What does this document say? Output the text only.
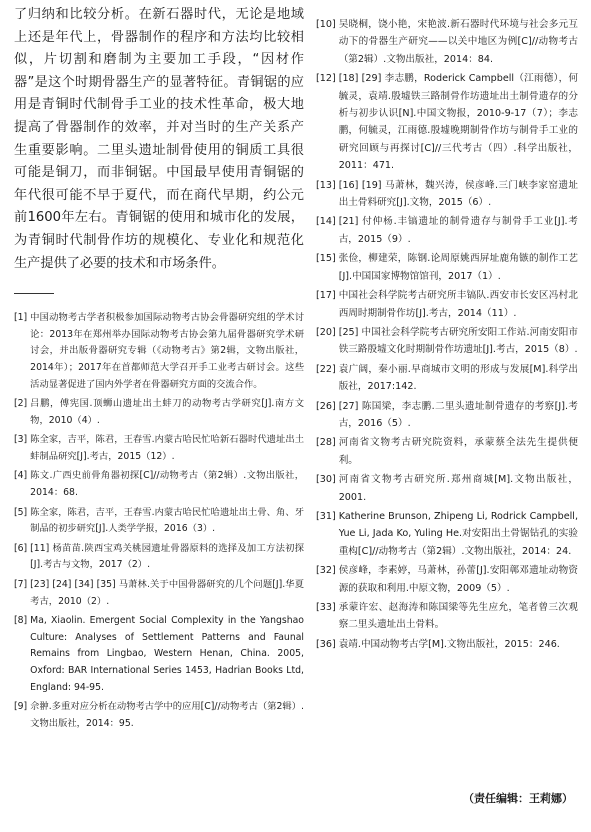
了归纳和比较分析。在新石器时代，无论是地域上还是年代上，骨器制作的程序和方法均比较相似，片切割和磨制为主要加工手段，“因材作器”是这个时期骨器生产的显著特征。青铜锯的应用是青铜时代制骨手工业的技术性革命，极大地提高了骨器制作的效率，并对当时的生产关系产生重要影响。二里头遗址制骨使用的铜质工具很可能是铜刀，而非铜锯。中国最早使用青铜锯的年代很可能不早于夏代，而在商代早期，约公元前1600年左右。青铜锯的使用和城市化的发展，为青铜时代制骨作坊的规模化、专业化和规范化生产提供了必要的技术和市场条件。

[1] 中国动物考古学者积极参加国际动物考古协会骨器研究组的学术讨论：2013年在郑州举办国际动物考古协会第九届骨器研究学术研讨会，并出版骨器研究专辑（《动物考古》第2辑，文物出版社，2014年）；2017年在首都师范大学召开手工业考古研讨会。这些活动显著促进了国内外学者在骨器研究方面的交流合作。
[2] 吕鹏，傅宪国.顶蛳山遗址出土蚌刀的动物考古学研究[J].南方文物，2010（4）.
[3] 陈全家，吉平，陈君，王春雪.内蒙古哈民忙哈新石器时代遗址出土蚌制品研究[J].考古，2015（12）.
[4] 陈文.广西史前骨角器初探[C]//动物考古（第2辑）.文物出版社，2014：68.
[5] 陈全家，陈君，吉平，王春雪.内蒙古哈民忙哈遗址出土骨、角、牙制品的初步研究[J].人类学学报，2016（3）.
[6] [11] 杨苗苗.陕西宝鸡关桃园遗址骨器原料的选择及加工方法初探[J].考古与文物，2017（2）.
[7] [23] [24] [34] [35] 马萧林.关于中国骨器研究的几个问题[J].华夏考古，2010（2）.
[8] Ma, Xiaolin. Emergent Social Complexity in the Yangshao Culture: Analyses of Settlement Patterns and Faunal Remains from Lingbao, Western Henan, China. 2005, Oxford: BAR International Series 1453, Hadrian Books Ltd, England: 94-95.
[9] 佘翀.多重对应分析在动物考古学中的应用[C]//动物考古（第2辑）.文物出版社，2014：95.
[10] 吴晓桐，饶小艳，宋艳波.新石器时代环境与社会多元互动下的骨器生产研究——以关中地区为例[C]//动物考古（第2辑）.文物出版社，2014：84.
[12] [18] [29] 李志鹏，Roderick Campbell（江雨德），何毓灵，袁靖.殷墟铁三路制骨作坊遗址出土制骨遗存的分析与初步认识[N].中国文物报，2010-9-17（7）；李志鹏，何毓灵，江雨德.殷墟晚期制骨作坊与制骨手工业的研究回顾与再探讨[C]//三代考古（四）.科学出版社，2011：471.
[13] [16] [19] 马萧林，魏兴涛，侯彦峰.三门峡李家窑遗址出土骨料研究[J].文物，2015（6）.
[14] [21] 付仲杨.丰镐遗址的制骨遗存与制骨手工业[J].考古，2015（9）.
[15] 张俭，柳建荣，陈钢.论周原姚西屏址鹿角镞的制作工艺[J].中国国家博物馆馆刊，2017（1）.
[17] 中国社会科学院考古研究所丰镐队.西安市长安区冯村北西周时期制骨作坊[J].考古，2014（11）.
[20] [25] 中国社会科学院考古研究所安阳工作站.河南安阳市铁三路殷墟文化时期制骨作坊遗址[J].考古，2015（8）.
[22] 袁广阔，秦小丽.早商城市文明的形成与发展[M].科学出版社，2017:142.
[26] [27] 陈国梁，李志鹏.二里头遗址制骨遗存的考察[J].考古，2016（5）.
[28] 河南省文物考古研究院资料，承蒙蔡全法先生提供便利。
[30] 河南省文物考古研究所.郑州商城[M].文物出版社，2001.
[31] Katherine Brunson, Zhipeng Li, Rodrick Campbell, Yue Li, Jada Ko, Yuling He.对安阳出土骨锯钻孔的实验重构[C]//动物考古（第2辑）.文物出版社，2014：24.
[32] 侯彦峰，李素婷，马萧林，孙蕾[J].安阳鄣邓遗址动物资源的获取和利用.中原文物，2009（5）.
[33] 承蒙许宏、赵海涛和陈国梁等先生应允，笔者曾三次观察二里头遗址出土骨料。
[36] 袁靖.中国动物考古学[M].文物出版社，2015：246.
（责任编辑：王莉娜）
